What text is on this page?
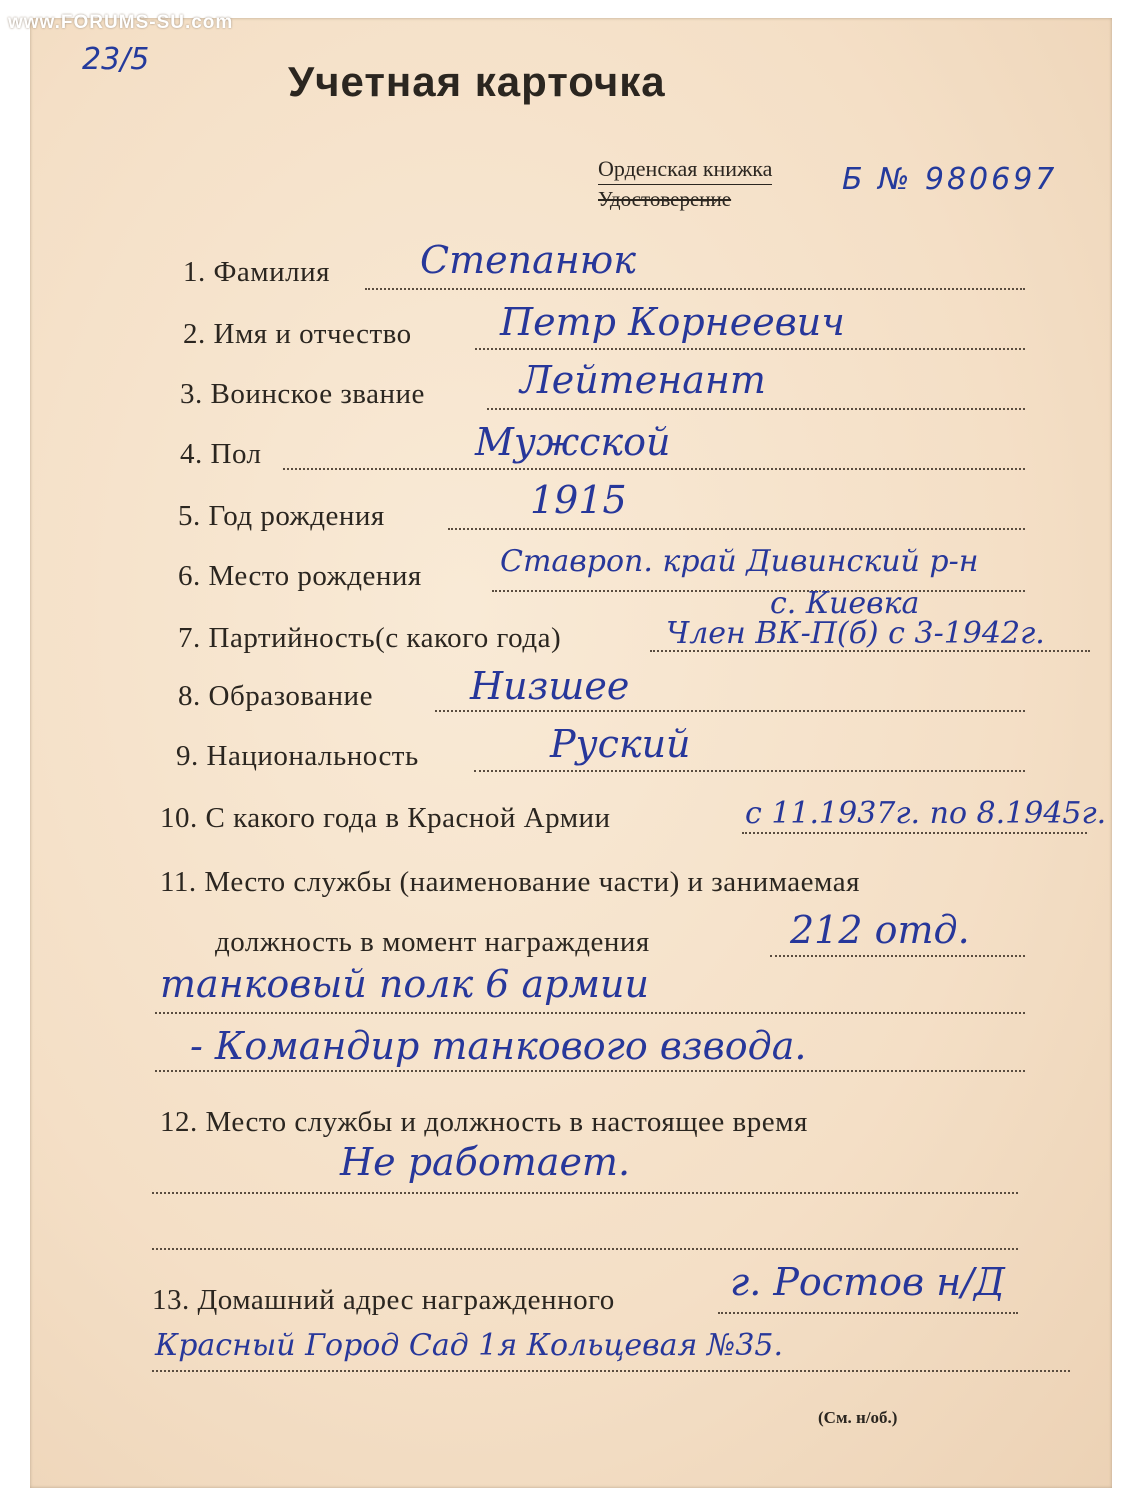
www.FORUMS-SU.com
23/5	Учетная карточка
Орденская книжка
Удостоверение
Б № 980697
1. Фамилия Степанюк
2. Имя и отчество Петр Корнеевич
3. Воинское звание	Лейтенант
4. Пол	Мужской
5. Год рождения	1915
6. Место рождения	Ставроп. край Дивинский р-н
с. Киевка
7. Партийность(с какого года)	Член ВК-П(б) с 3-1942г.
8. Образование	Низшее
9. Национальность	Руский
10. С какого года в Красной Армии	с 11.1937г. по 8.1945г.
11. Место службы (наименование части) и занимаемая
должность в момент награждения	212 отд.
танковый полк 6 армии
- Командир танкового взвода.
12. Место службы и должность в настоящее время
Не работает.
13. Домашний адрес награжденного	г. Ростов н/Д
Красный Город Сад 1я Кольцевая №35.
(См. н/об.)
